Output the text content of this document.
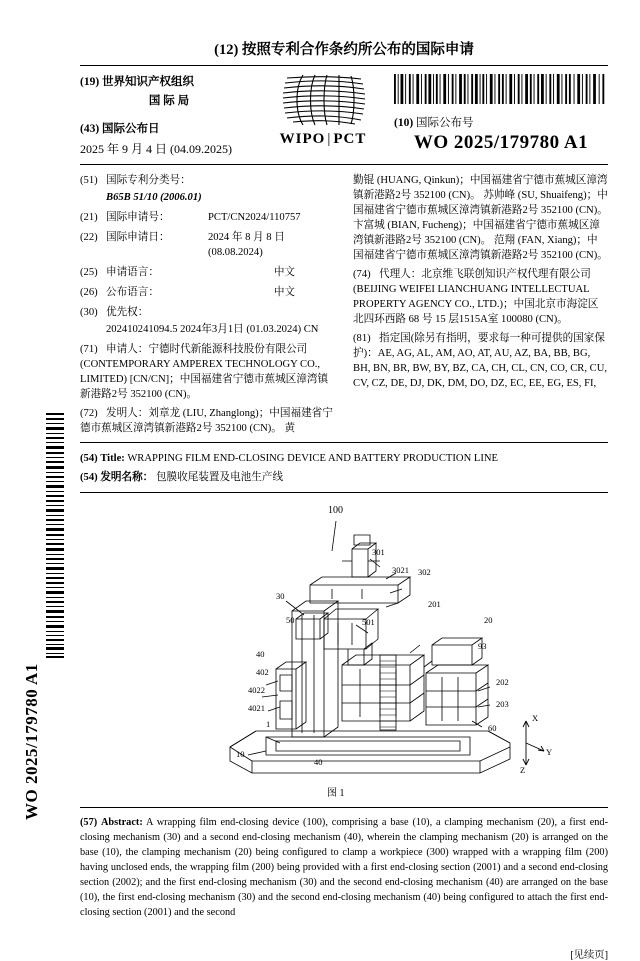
WO 2025/179780 A1
(12) 按照专利合作条约所公布的国际申请
(19) 世界知识产权组织
国 际 局
(43) 国际公布日
2025 年 9 月 4 日 (04.09.2025)
WIPO | PCT
(10) 国际公布号
WO 2025/179780 A1
(51) 国际专利分类号：
B65B 51/10 (2006.01)
(21) 国际申请号：	PCT/CN2024/110757
(22) 国际申请日：	2024 年 8 月 8 日 (08.08.2024)
(25) 申请语言：	中文
(26) 公布语言：	中文
(30) 优先权：
202410241094.5 2024年3月1日 (01.03.2024) CN
(71) 申请人：宁德时代新能源科技股份有限公司 (CONTEMPORARY AMPEREX TECHNOLOGY CO., LIMITED) [CN/CN]；中国福建省宁德市蕉城区漳湾镇新港路2号 352100 (CN)。
(72) 发明人：刘章龙 (LIU, Zhanglong)；中国福建省宁德市蕉城区漳湾镇新港路2号 352100 (CN)。 黄
勤锟 (HUANG, Qinkun)；中国福建省宁德市蕉城区漳湾镇新港路2号 352100 (CN)。 苏帅峰 (SU, Shuaifeng)；中国福建省宁德市蕉城区漳湾镇新港路2号 352100 (CN)。 卞富城 (BIAN, Fucheng)；中国福建省宁德市蕉城区漳湾镇新港路2号 352100 (CN)。 范翔 (FAN, Xiang)；中国福建省宁德市蕉城区漳湾镇新港路2号 352100 (CN)。
(74) 代理人：北京维飞联创知识产权代理有限公司 (BEIJING WEIFEI LIANCHUANG INTELLECTUAL PROPERTY AGENCY CO., LTD.)；中国北京市海淀区北四环西路 68 号 15 层1515A室 100080 (CN)。
(81) 指定国(除另有指明，要求每一种可提供的国家保护)：AE, AG, AL, AM, AO, AT, AU, AZ, BA, BB, BG, BH, BN, BR, BW, BY, BZ, CA, CH, CL, CN, CO, CR, CU, CV, CZ, DE, DJ, DK, DM, DO, DZ, EC, EE, EG, ES, FI,
(54) Title: WRAPPING FILM END-CLOSING DEVICE AND BATTERY PRODUCTION LINE
(54) 发明名称： 包膜收尾装置及电池生产线
100
30
301
3021 302
50	501
201
20
40
402
4022
4021
1
10
40
202
203
60
93
X
Y
Z
图 1
(57) Abstract: A wrapping film end-closing device (100), comprising a base (10), a clamping mechanism (20), a first end-closing mechanism (30) and a second end-closing mechanism (40), wherein the clamping mechanism (20) is arranged on the base (10), the clamping mechanism (20) being configured to clamp a workpiece (300) wrapped with a wrapping film (200) having unclosed ends, the wrapping film (200) being provided with a first end-closing section (2001) and a second end-closing section (2002); and the first end-closing mechanism (30) and the second end-closing mechanism (40) are arranged on the base (10), the first end-closing mechanism (30) and the second end-closing mechanism (40) being configured to attach the first end-closing section (2001) and the second
[见续页]
